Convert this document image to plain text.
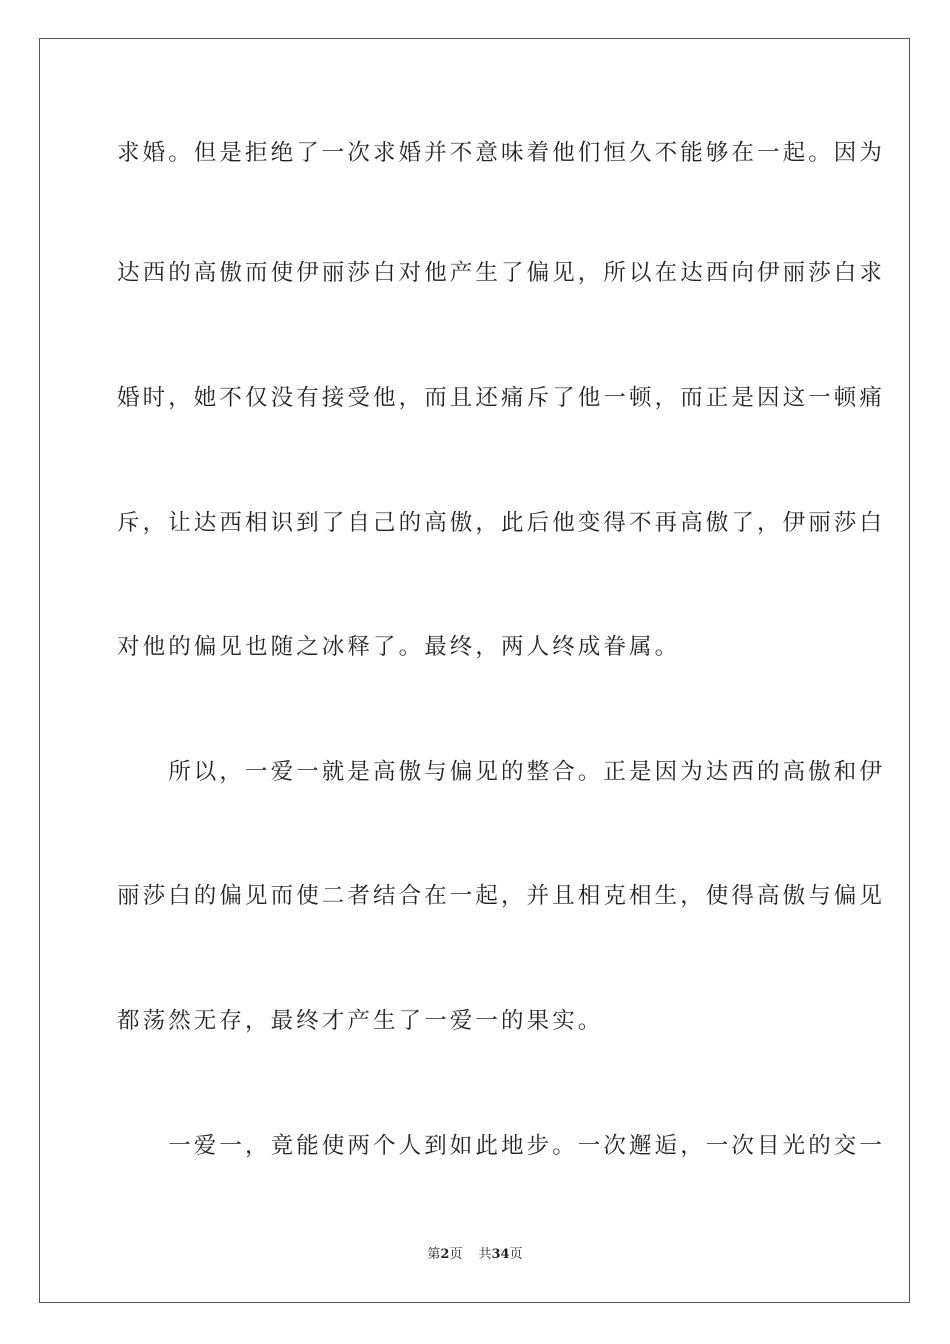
求婚。但是拒绝了一次求婚并不意味着他们恒久不能够在一起。因为

达西的高傲而使伊丽莎白对他产生了偏见，所以在达西向伊丽莎白求

婚时，她不仅没有接受他，而且还痛斥了他一顿，而正是因这一顿痛

斥，让达西相识到了自己的高傲，此后他变得不再高傲了，伊丽莎白

对他的偏见也随之冰释了。最终，两人终成眷属。

　　所以，一爱一就是高傲与偏见的整合。正是因为达西的高傲和伊

丽莎白的偏见而使二者结合在一起，并且相克相生，使得高傲与偏见

都荡然无存，最终才产生了一爱一的果实。

　　一爱一，竟能使两个人到如此地步。一次邂逅，一次目光的交一

第2页 共34页
